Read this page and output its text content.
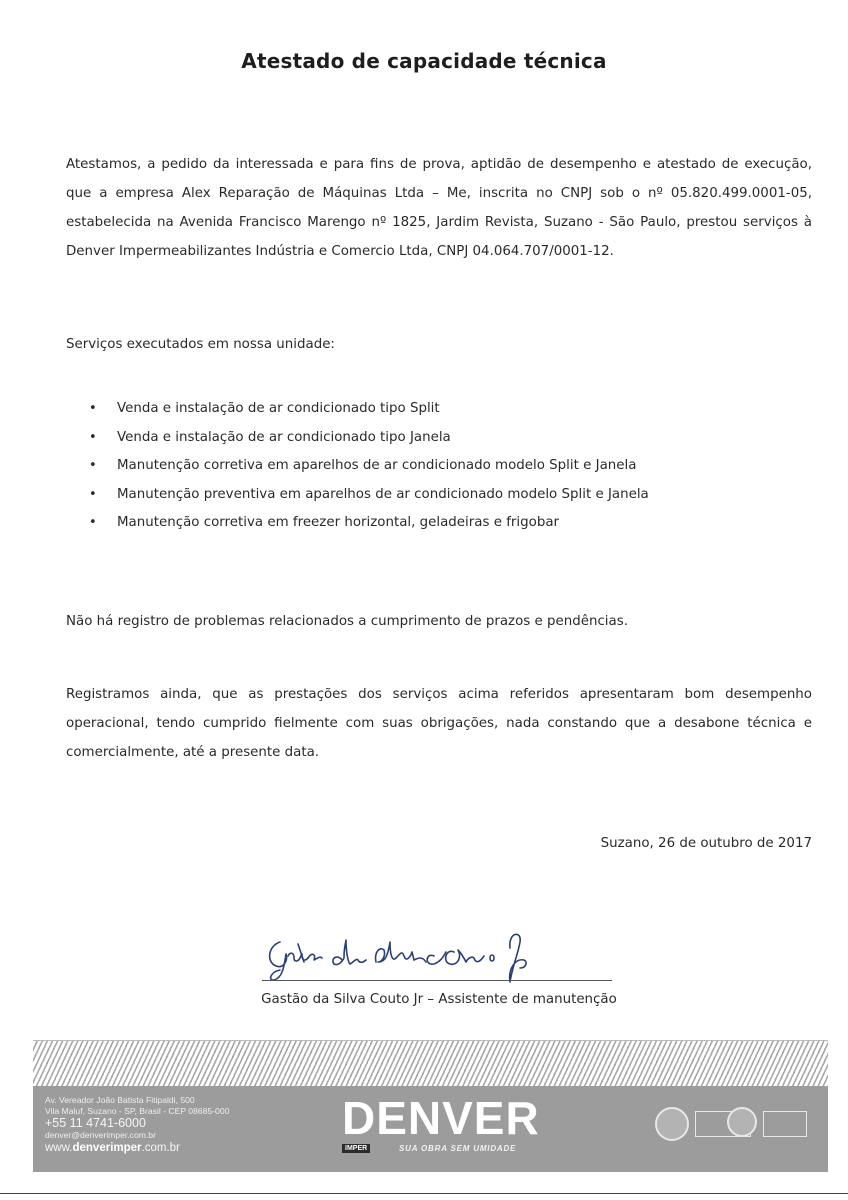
Atestado de capacidade técnica

Atestamos, a pedido da interessada e para fins de prova, aptidão de desempenho e atestado de execução, que a empresa Alex Reparação de Máquinas Ltda – Me, inscrita no CNPJ sob o nº 05.820.499.0001-05, estabelecida na Avenida Francisco Marengo nº 1825, Jardim Revista, Suzano - São Paulo, prestou serviços à Denver Impermeabilizantes Indústria e Comercio Ltda, CNPJ 04.064.707/0001-12.

Serviços executados em nossa unidade:

• Venda e instalação de ar condicionado tipo Split
• Venda e instalação de ar condicionado tipo Janela
• Manutenção corretiva em aparelhos de ar condicionado modelo Split e Janela
• Manutenção preventiva em aparelhos de ar condicionado modelo Split e Janela
• Manutenção corretiva em freezer horizontal, geladeiras e frigobar

Não há registro de problemas relacionados a cumprimento de prazos e pendências.

Registramos ainda, que as prestações dos serviços acima referidos apresentaram bom desempenho operacional, tendo cumprido fielmente com suas obrigações, nada constando que a desabone técnica e comercialmente, até a presente data.

Suzano, 26 de outubro de 2017
Gastão da Silva Couto Jr – Assistente de manutenção
Av. Vereador João Batista Fitipaldi, 500
Vila Maluf, Suzano - SP, Brasil - CEP 08685-000
+55 11 4741-6000
denver@denverimper.com.br
www.denverimper.com.br
DENVER
IMPER	SUA OBRA SEM UMIDADE
